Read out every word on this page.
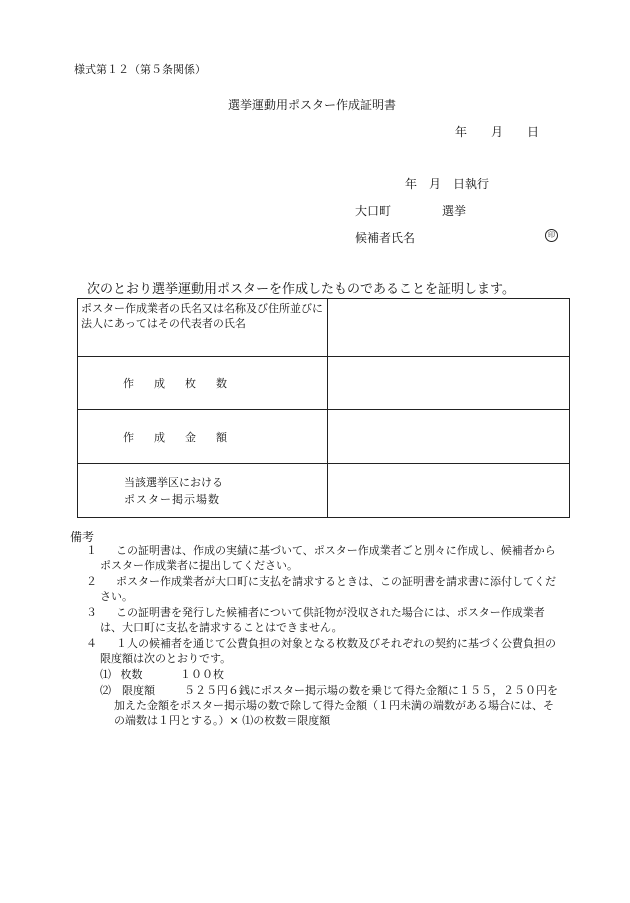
様式第１２（第５条関係）
選挙運動用ポスター作成証明書
年　　月　　日
年　月　日執行
大口町	選挙
候補者氏名	印
次のとおり選挙運動用ポスターを作成したものであることを証明します。
ポスター作成業者の氏名又は名称及び住所並びに法人にあってはその代表者の氏名	
作成枚数	
作成金額	

当該選挙区における
ポスター掲示場数	

備考
１	この証明書は、作成の実績に基づいて、ポスター作成業者ごと別々に作成し、候補者からポスター作成業者に提出してください。
２	ポスター作成業者が大口町に支払を請求するときは、この証明書を請求書に添付してください。
３	この証明書を発行した候補者について供託物が没収された場合には、ポスター作成業者は、大口町に支払を請求することはできません。
４	１人の候補者を通じて公費負担の対象となる枚数及びそれぞれの契約に基づく公費負担の限度額は次のとおりです。
⑴ 枚数	１００枚
⑵ 限度額	５２５円６銭にポスター掲示場の数を乗じて得た金額に１５５，２５０円を加えた金額をポスター掲示場の数で除して得た金額（１円未満の端数がある場合には、その端数は１円とする。）× ⑴の枚数＝限度額
